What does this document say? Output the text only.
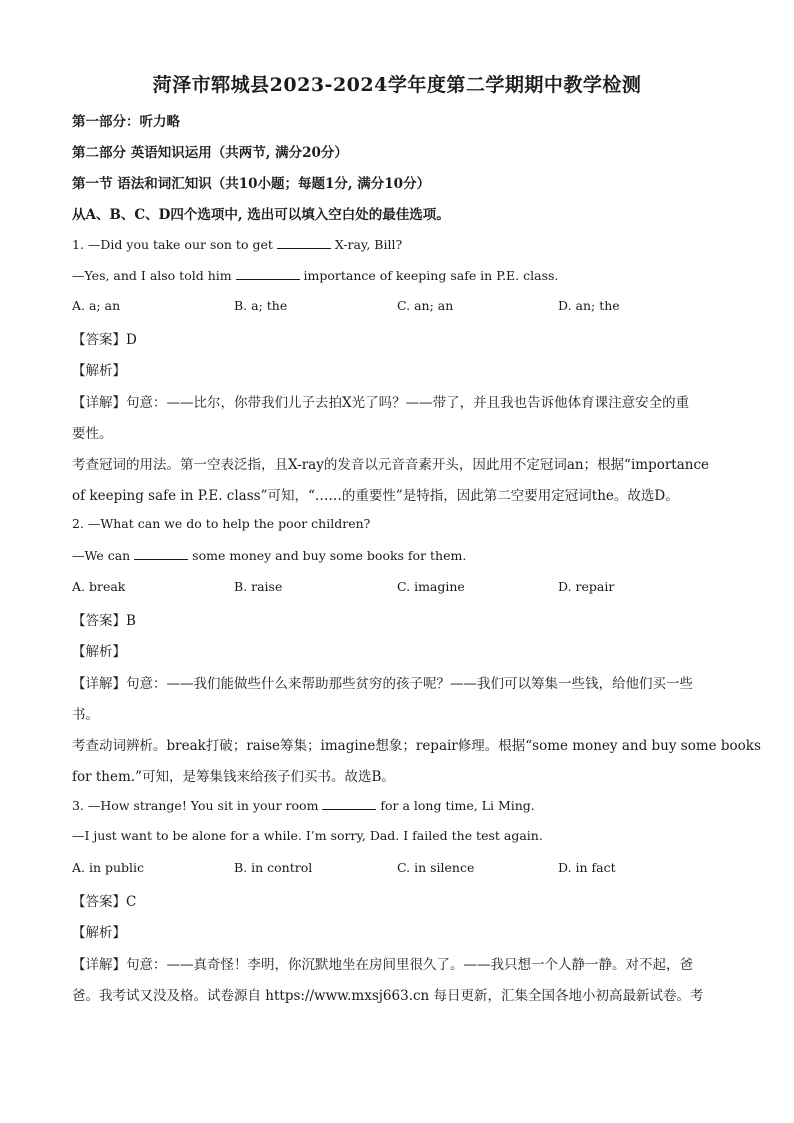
菏泽市郓城县2023-2024学年度第二学期期中教学检测
第一部分：听力略
第二部分 英语知识运用（共两节, 满分20分）
第一节 语法和词汇知识（共10小题；每题1分, 满分10分）
从A、B、C、D四个选项中, 选出可以填入空白处的最佳选项。
1. —Did you take our son to get	X-ray, Bill?
—Yes, and I also told him	importance of keeping safe in P.E. class.
A. a; an	B. a; the	C. an; an	D. an; the
【答案】D
【解析】
【详解】句意：——比尔，你带我们儿子去拍X光了吗？——带了，并且我也告诉他体育课注意安全的重
要性。
考查冠词的用法。第一空表泛指，且X-ray的发音以元音音素开头，因此用不定冠词an；根据“importance
of keeping safe in P.E. class”可知，“……的重要性”是特指，因此第二空要用定冠词the。故选D。
2. —What can we do to help the poor children?
—We can	some money and buy some books for them.
A. break	B. raise	C. imagine	D. repair
【答案】B
【解析】
【详解】句意：——我们能做些什么来帮助那些贫穷的孩子呢？——我们可以筹集一些钱，给他们买一些
书。
考查动词辨析。break打破；raise筹集；imagine想象；repair修理。根据“some money and buy some books
for them.”可知，是筹集钱来给孩子们买书。故选B。
3. —How strange! You sit in your room	for a long time, Li Ming.
—I just want to be alone for a while. I’m sorry, Dad. I failed the test again.
A. in public	B. in control	C. in silence	D. in fact
【答案】C
【解析】
【详解】句意：——真奇怪！李明，你沉默地坐在房间里很久了。——我只想一个人静一静。对不起，爸
爸。我考试又没及格。试卷源自 https://www.mxsj663.cn 每日更新，汇集全国各地小初高最新试卷。考
